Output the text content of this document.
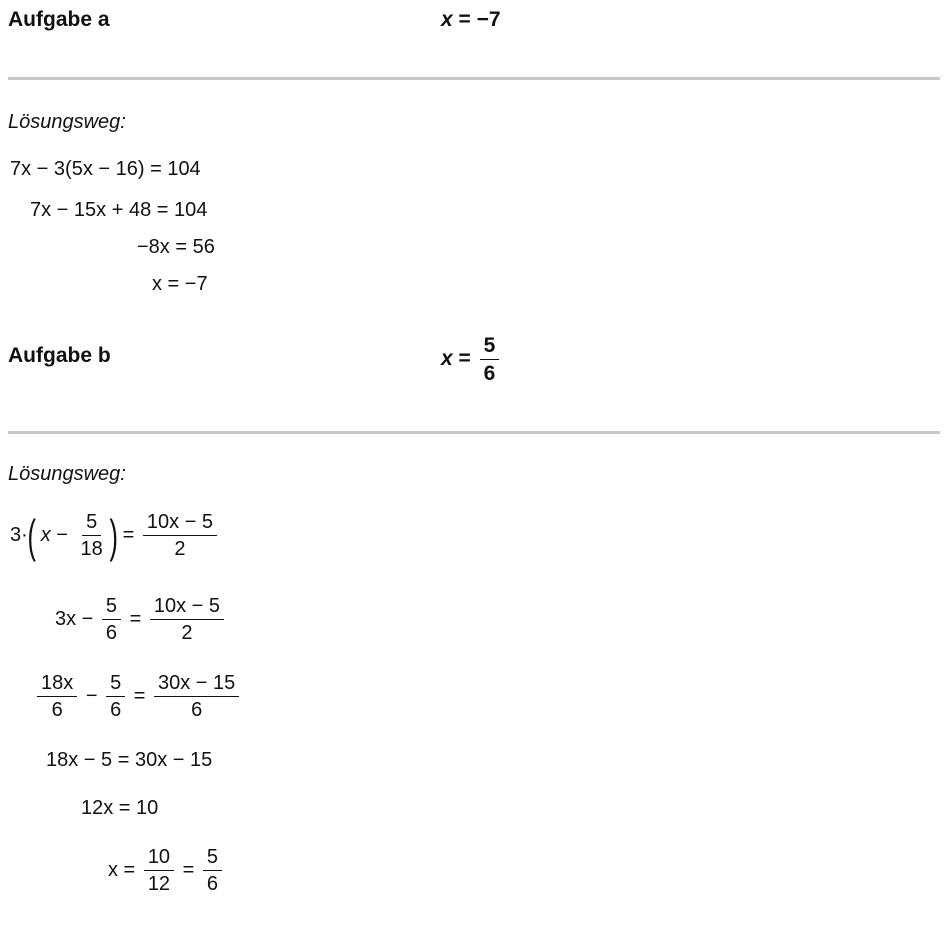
Aufgabe a	x = −7
Lösungsweg:
7x − 3(5x − 16) = 104
7x − 15x + 48 = 104
−8x = 56
x = −7
Aufgabe b	$x = \frac{5}{6}$
Lösungsweg:
3·( $x - \frac{5}{18}$ ) = $\frac{10x - 5}{2}$
$3x - \frac{5}{6} = \frac{10x - 5}{2}$
$\frac{18x}{6} - \frac{5}{6} = \frac{30x - 15}{6}$
18x − 5 = 30x − 15
12x = 10
$x = \frac{10}{12} = \frac{5}{6}$
